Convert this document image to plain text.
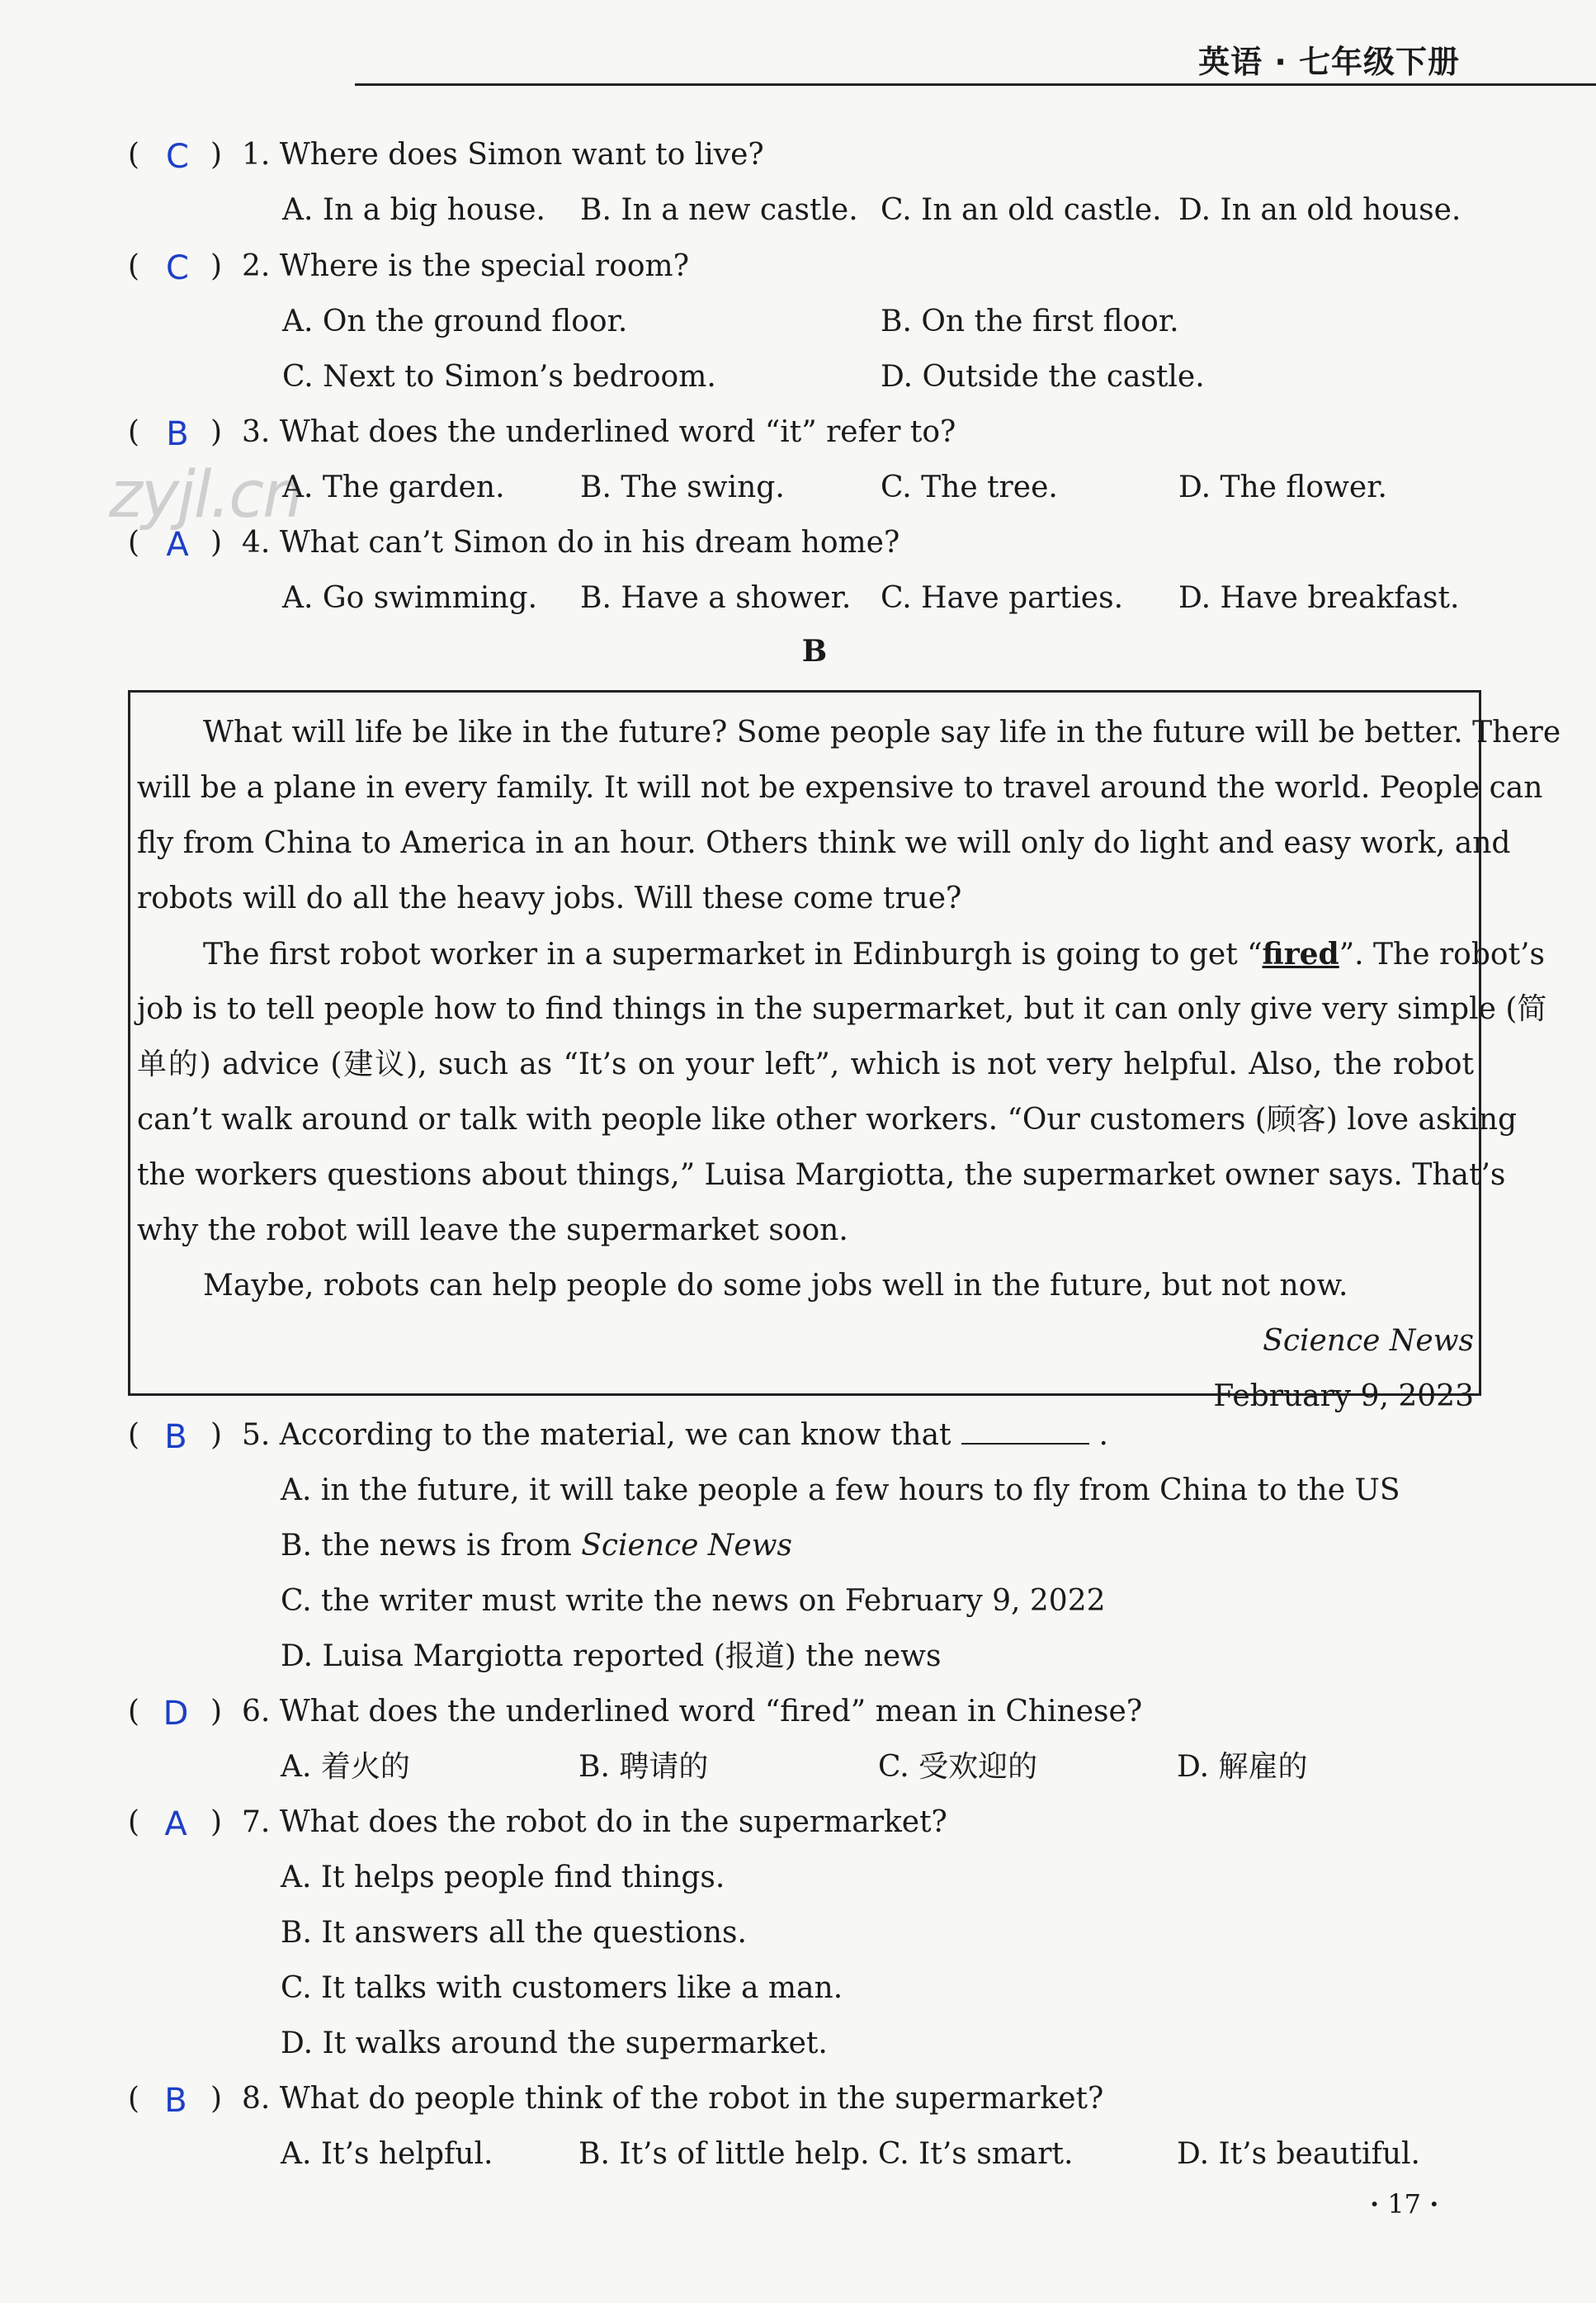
英语 · 七年级下册
zyjl.cn
( C ) 1. Where does Simon want to live?
A. In a big house. B. In a new castle. C. In an old castle. D. In an old house.
( C ) 2. Where is the special room?
A. On the ground floor.	B. On the first floor.
C. Next to Simon’s bedroom.	D. Outside the castle.
( B ) 3. What does the underlined word “it” refer to?
A. The garden.	B. The swing.	C. The tree.	D. The flower.
( A ) 4. What can’t Simon do in his dream home?
A. Go swimming. B. Have a shower. C. Have parties. D. Have breakfast.
B
What will life be like in the future? Some people say life in the future will be better. There
will be a plane in every family. It will not be expensive to travel around the world. People can
fly from China to America in an hour. Others think we will only do light and easy work, and
robots will do all the heavy jobs. Will these come true?
The first robot worker in a supermarket in Edinburgh is going to get “fired”. The robot’s
job is to tell people how to find things in the supermarket, but it can only give very simple (简
单的) advice (建议), such as “It’s on your left”, which is not very helpful. Also, the robot
can’t walk around or talk with people like other workers. “Our customers (顾客) love asking
the workers questions about things,” Luisa Margiotta, the supermarket owner says. That’s
why the robot will leave the supermarket soon.
Maybe, robots can help people do some jobs well in the future, but not now.
Science News
February 9, 2023
( B ) 5. According to the material, we can know that	.
A. in the future, it will take people a few hours to fly from China to the US
B. the news is from Science News
C. the writer must write the news on February 9, 2022
D. Luisa Margiotta reported (报道) the news
( D ) 6. What does the underlined word “fired” mean in Chinese?
A. 着火的	B. 聘请的	C. 受欢迎的	D. 解雇的
( A ) 7. What does the robot do in the supermarket?
A. It helps people find things.
B. It answers all the questions.
C. It talks with customers like a man.
D. It walks around the supermarket.
( B ) 8. What do people think of the robot in the supermarket?
A. It’s helpful.	B. It’s of little help. C. It’s smart.	D. It’s beautiful.
· 17 ·
